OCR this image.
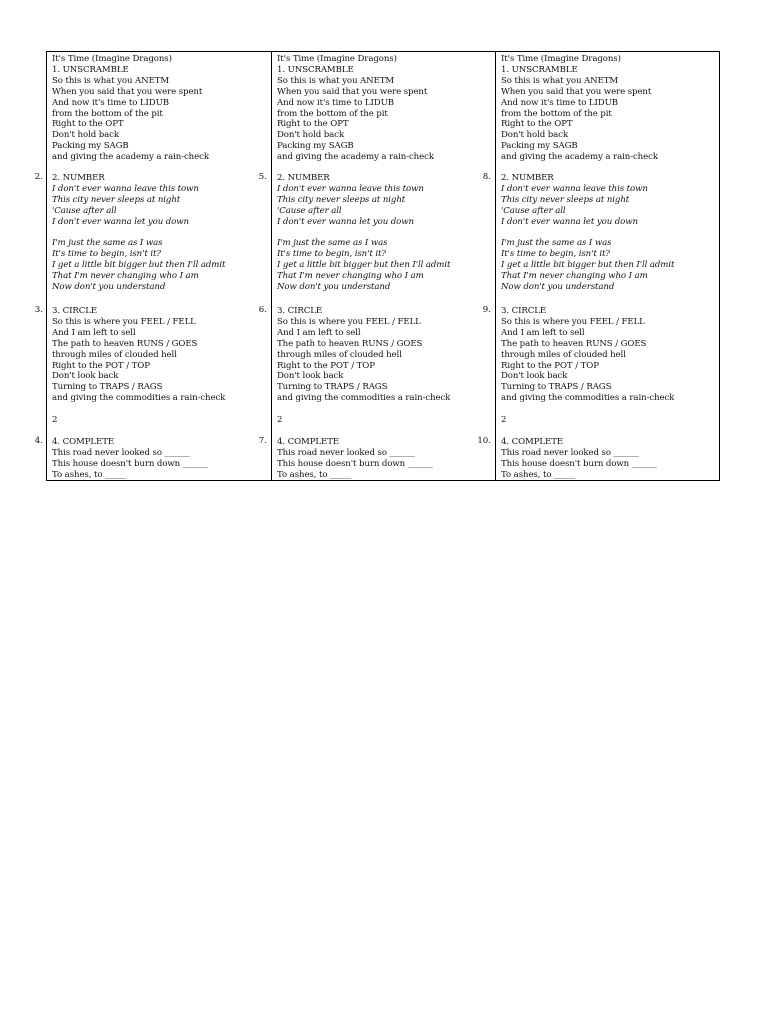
It's Time (Imagine Dragons)
1. UNSCRAMBLE
So this is what you ANETM
When you said that you were spent
And now it's time to LIDUB
from the bottom of the pit
Right to the OPT
Don't hold back
Packing my SAGB
and giving the academy a rain-check
2. NUMBER
I don't ever wanna leave this town
This city never sleeps at night
'Cause after all
I don't ever wanna let you down
I'm just the same as I was
It's time to begin, isn't it?
I get a little bit bigger but then I'll admit
That I'm never changing who I am
Now don't you understand
3. CIRCLE
So this is where you FEEL / FELL
And I am left to sell
The path to heaven RUNS / GOES
through miles of clouded hell
Right to the POT / TOP
Don't look back
Turning to TRAPS / RAGS
and giving the commodities a rain-check
2
4. COMPLETE
This road never looked so ______
This house doesn't burn down ______
To ashes, to _____
It's Time (Imagine Dragons)
1. UNSCRAMBLE
So this is what you ANETM
When you said that you were spent
And now it's time to LIDUB
from the bottom of the pit
Right to the OPT
Don't hold back
Packing my SAGB
and giving the academy a rain-check
2. NUMBER
I don't ever wanna leave this town
This city never sleeps at night
'Cause after all
I don't ever wanna let you down
I'm just the same as I was
It's time to begin, isn't it?
I get a little bit bigger but then I'll admit
That I'm never changing who I am
Now don't you understand
3. CIRCLE
So this is where you FEEL / FELL
And I am left to sell
The path to heaven RUNS / GOES
through miles of clouded hell
Right to the POT / TOP
Don't look back
Turning to TRAPS / RAGS
and giving the commodities a rain-check
2
4. COMPLETE
This road never looked so ______
This house doesn't burn down ______
To ashes, to _____
It's Time (Imagine Dragons)
1. UNSCRAMBLE
So this is what you ANETM
When you said that you were spent
And now it's time to LIDUB
from the bottom of the pit
Right to the OPT
Don't hold back
Packing my SAGB
and giving the academy a rain-check
2. NUMBER
I don't ever wanna leave this town
This city never sleeps at night
'Cause after all
I don't ever wanna let you down
I'm just the same as I was
It's time to begin, isn't it?
I get a little bit bigger but then I'll admit
That I'm never changing who I am
Now don't you understand
3. CIRCLE
So this is where you FEEL / FELL
And I am left to sell
The path to heaven RUNS / GOES
through miles of clouded hell
Right to the POT / TOP
Don't look back
Turning to TRAPS / RAGS
and giving the commodities a rain-check
2
4. COMPLETE
This road never looked so ______
This house doesn't burn down ______
To ashes, to _____
2.
3.
4.
5.
6.
7.
8.
9.
10.
